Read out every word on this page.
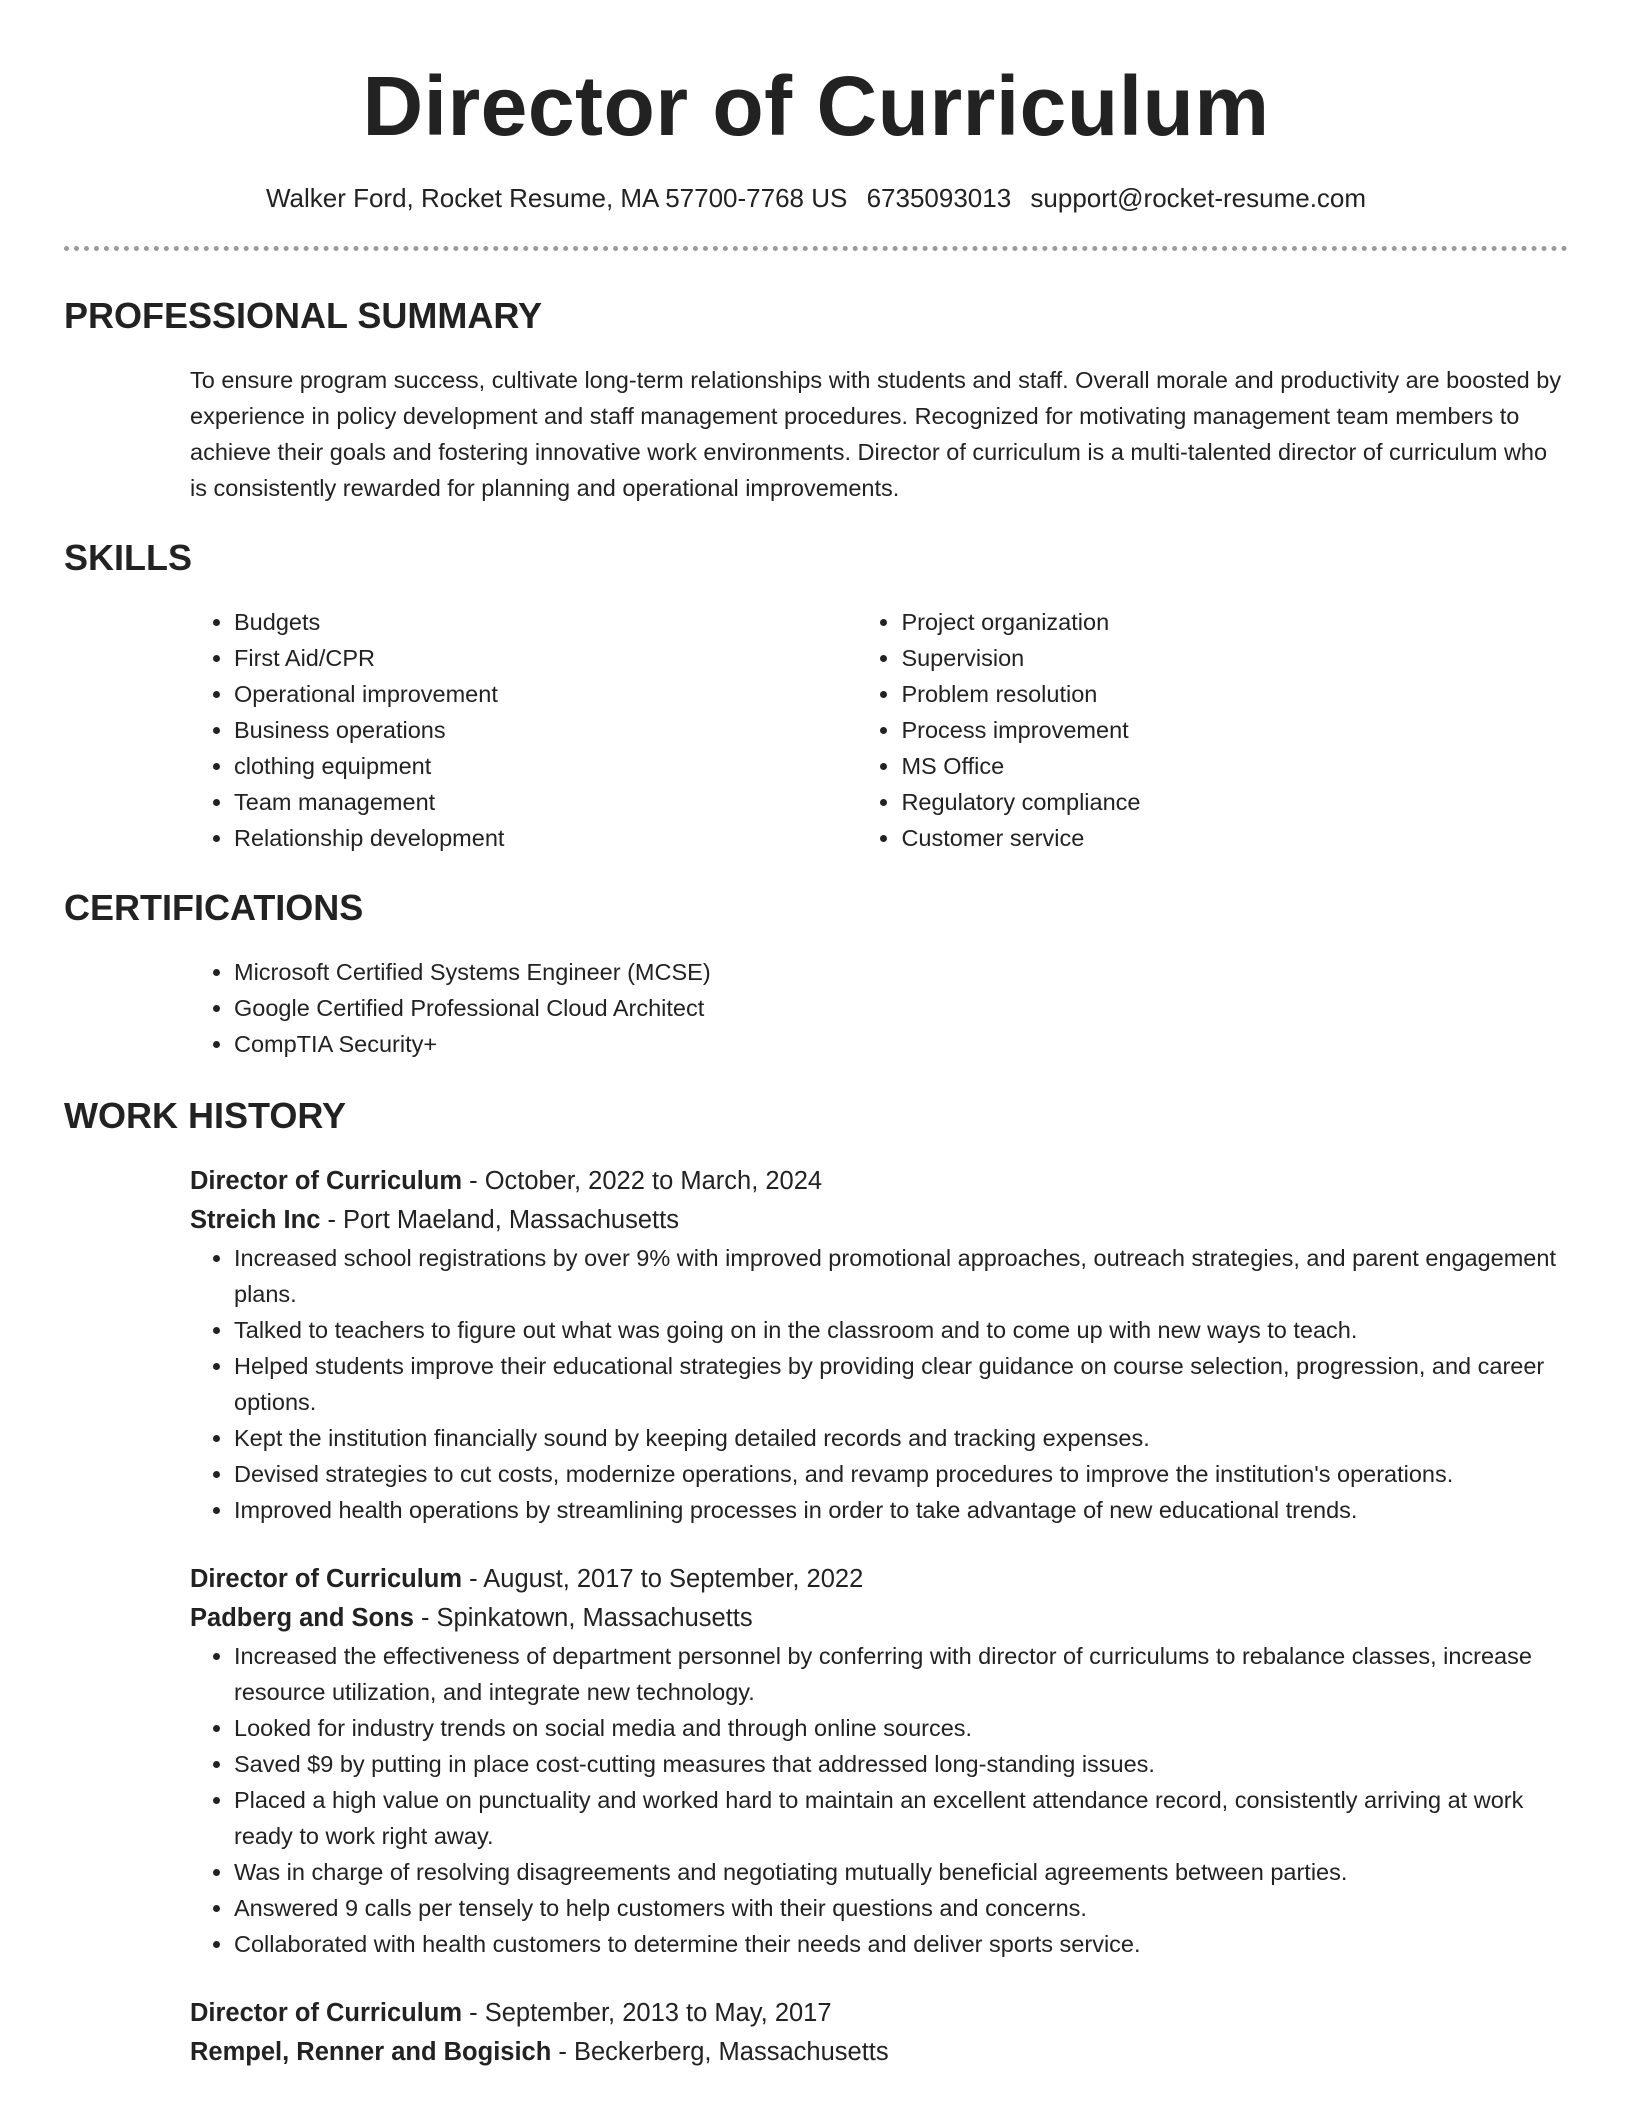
Director of Curriculum
Walker Ford, Rocket Resume, MA 57700-7768 US 6735093013 support@rocket-resume.com
PROFESSIONAL SUMMARY

To ensure program success, cultivate long-term relationships with students and staff. Overall morale and productivity are boosted by experience in policy development and staff management procedures. Recognized for motivating management team members to achieve their goals and fostering innovative work environments. Director of curriculum is a multi-talented director of curriculum who is consistently rewarded for planning and operational improvements.

SKILLS
• Budgets
• First Aid/CPR
• Operational improvement
• Business operations
• clothing equipment
• Team management
• Relationship development
• Project organization
• Supervision
• Problem resolution
• Process improvement
• MS Office
• Regulatory compliance
• Customer service
CERTIFICATIONS
• Microsoft Certified Systems Engineer (MCSE)
• Google Certified Professional Cloud Architect
• CompTIA Security+
WORK HISTORY
Director of Curriculum - October, 2022 to March, 2024
Streich Inc - Port Maeland, Massachusetts
• Increased school registrations by over 9% with improved promotional approaches, outreach strategies, and parent engagement plans.
• Talked to teachers to figure out what was going on in the classroom and to come up with new ways to teach.
• Helped students improve their educational strategies by providing clear guidance on course selection, progression, and career options.
• Kept the institution financially sound by keeping detailed records and tracking expenses.
• Devised strategies to cut costs, modernize operations, and revamp procedures to improve the institution's operations.
• Improved health operations by streamlining processes in order to take advantage of new educational trends.
Director of Curriculum - August, 2017 to September, 2022
Padberg and Sons - Spinkatown, Massachusetts
• Increased the effectiveness of department personnel by conferring with director of curriculums to rebalance classes, increase resource utilization, and integrate new technology.
• Looked for industry trends on social media and through online sources.
• Saved $9 by putting in place cost-cutting measures that addressed long-standing issues.
• Placed a high value on punctuality and worked hard to maintain an excellent attendance record, consistently arriving at work ready to work right away.
• Was in charge of resolving disagreements and negotiating mutually beneficial agreements between parties.
• Answered 9 calls per tensely to help customers with their questions and concerns.
• Collaborated with health customers to determine their needs and deliver sports service.
Director of Curriculum - September, 2013 to May, 2017
Rempel, Renner and Bogisich - Beckerberg, Massachusetts
